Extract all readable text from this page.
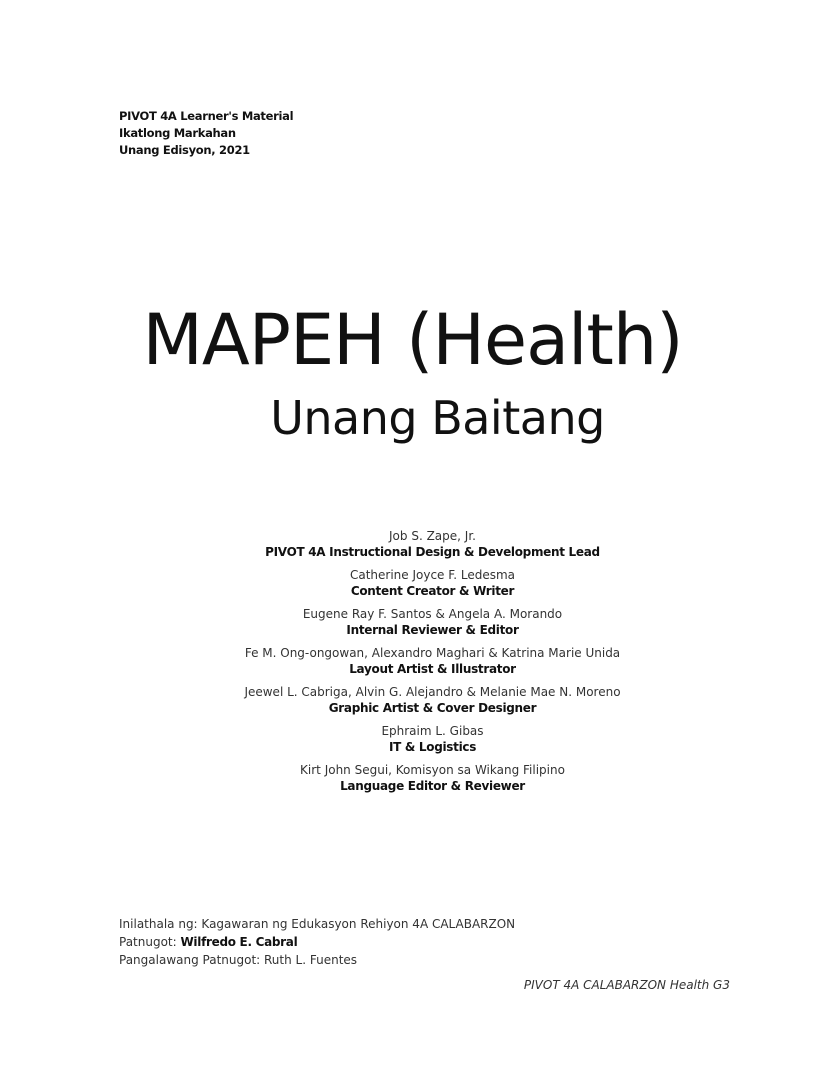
PIVOT 4A Learner's Material
Ikatlong Markahan
Unang Edisyon, 2021
MAPEH (Health)
Unang Baitang
Job S. Zape, Jr.
PIVOT 4A Instructional Design & Development Lead
Catherine Joyce F. Ledesma
Content Creator & Writer
Eugene Ray F. Santos & Angela A. Morando
Internal Reviewer & Editor
Fe M. Ong-ongowan, Alexandro Maghari & Katrina Marie Unida
Layout Artist & Illustrator
Jeewel L. Cabriga, Alvin G. Alejandro & Melanie Mae N. Moreno
Graphic Artist & Cover Designer
Ephraim L. Gibas
IT & Logistics
Kirt John Segui, Komisyon sa Wikang Filipino
Language Editor & Reviewer
Inilathala ng: Kagawaran ng Edukasyon Rehiyon 4A CALABARZON
Patnugot: Wilfredo E. Cabral
Pangalawang Patnugot: Ruth L. Fuentes
PIVOT 4A CALABARZON Health G3
